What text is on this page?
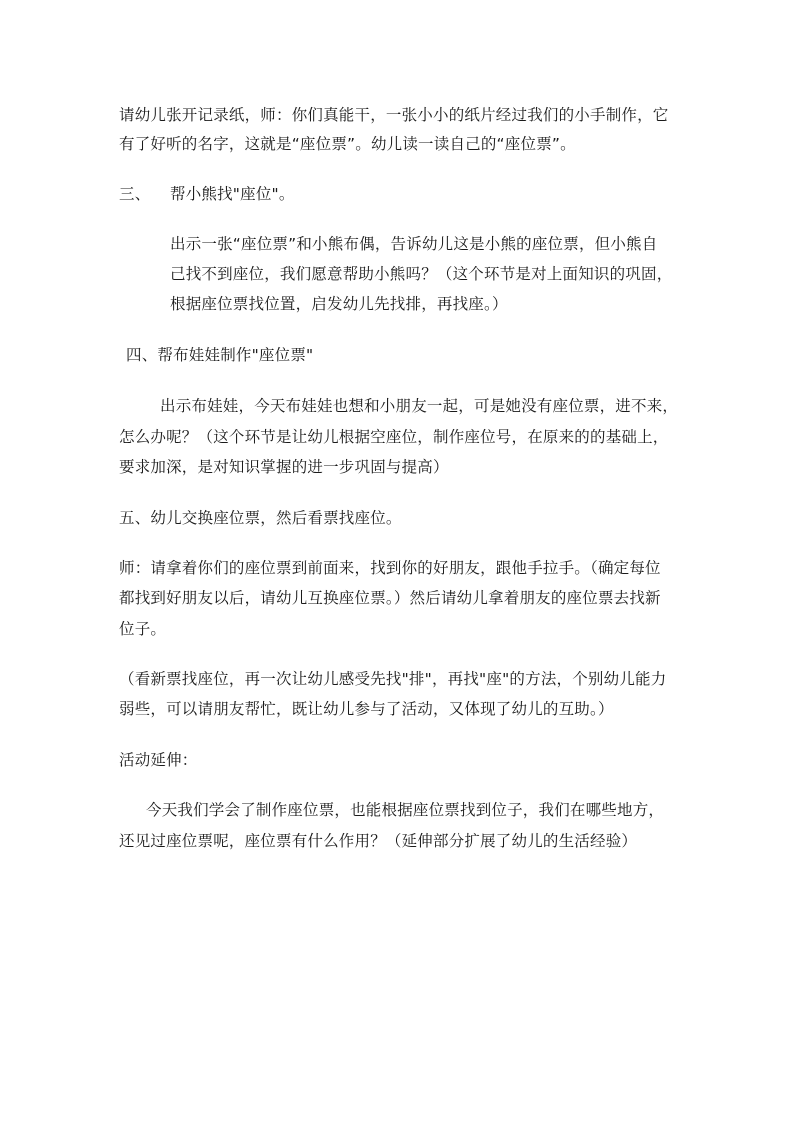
请幼儿张开记录纸，师：你们真能干，一张小小的纸片经过我们的小手制作，它
有了好听的名字，这就是“座位票”。幼儿读一读自己的“座位票”。
三、 帮小熊找"座位"。
出示一张“座位票”和小熊布偶，告诉幼儿这是小熊的座位票，但小熊自
己找不到座位，我们愿意帮助小熊吗？（这个环节是对上面知识的巩固，
根据座位票找位置，启发幼儿先找排，再找座。）
四、帮布娃娃制作"座位票"
出示布娃娃，今天布娃娃也想和小朋友一起，可是她没有座位票，进不来，
怎么办呢？（这个环节是让幼儿根据空座位，制作座位号，在原来的的基础上，
要求加深，是对知识掌握的进一步巩固与提高）
五、幼儿交换座位票，然后看票找座位。
师：请拿着你们的座位票到前面来，找到你的好朋友，跟他手拉手。（确定每位
都找到好朋友以后，请幼儿互换座位票。）然后请幼儿拿着朋友的座位票去找新
位子。
（看新票找座位，再一次让幼儿感受先找"排"，再找"座"的方法，个别幼儿能力
弱些，可以请朋友帮忙，既让幼儿参与了活动，又体现了幼儿的互助。）
活动延伸：
今天我们学会了制作座位票，也能根据座位票找到位子，我们在哪些地方，
还见过座位票呢，座位票有什么作用？（延伸部分扩展了幼儿的生活经验）
